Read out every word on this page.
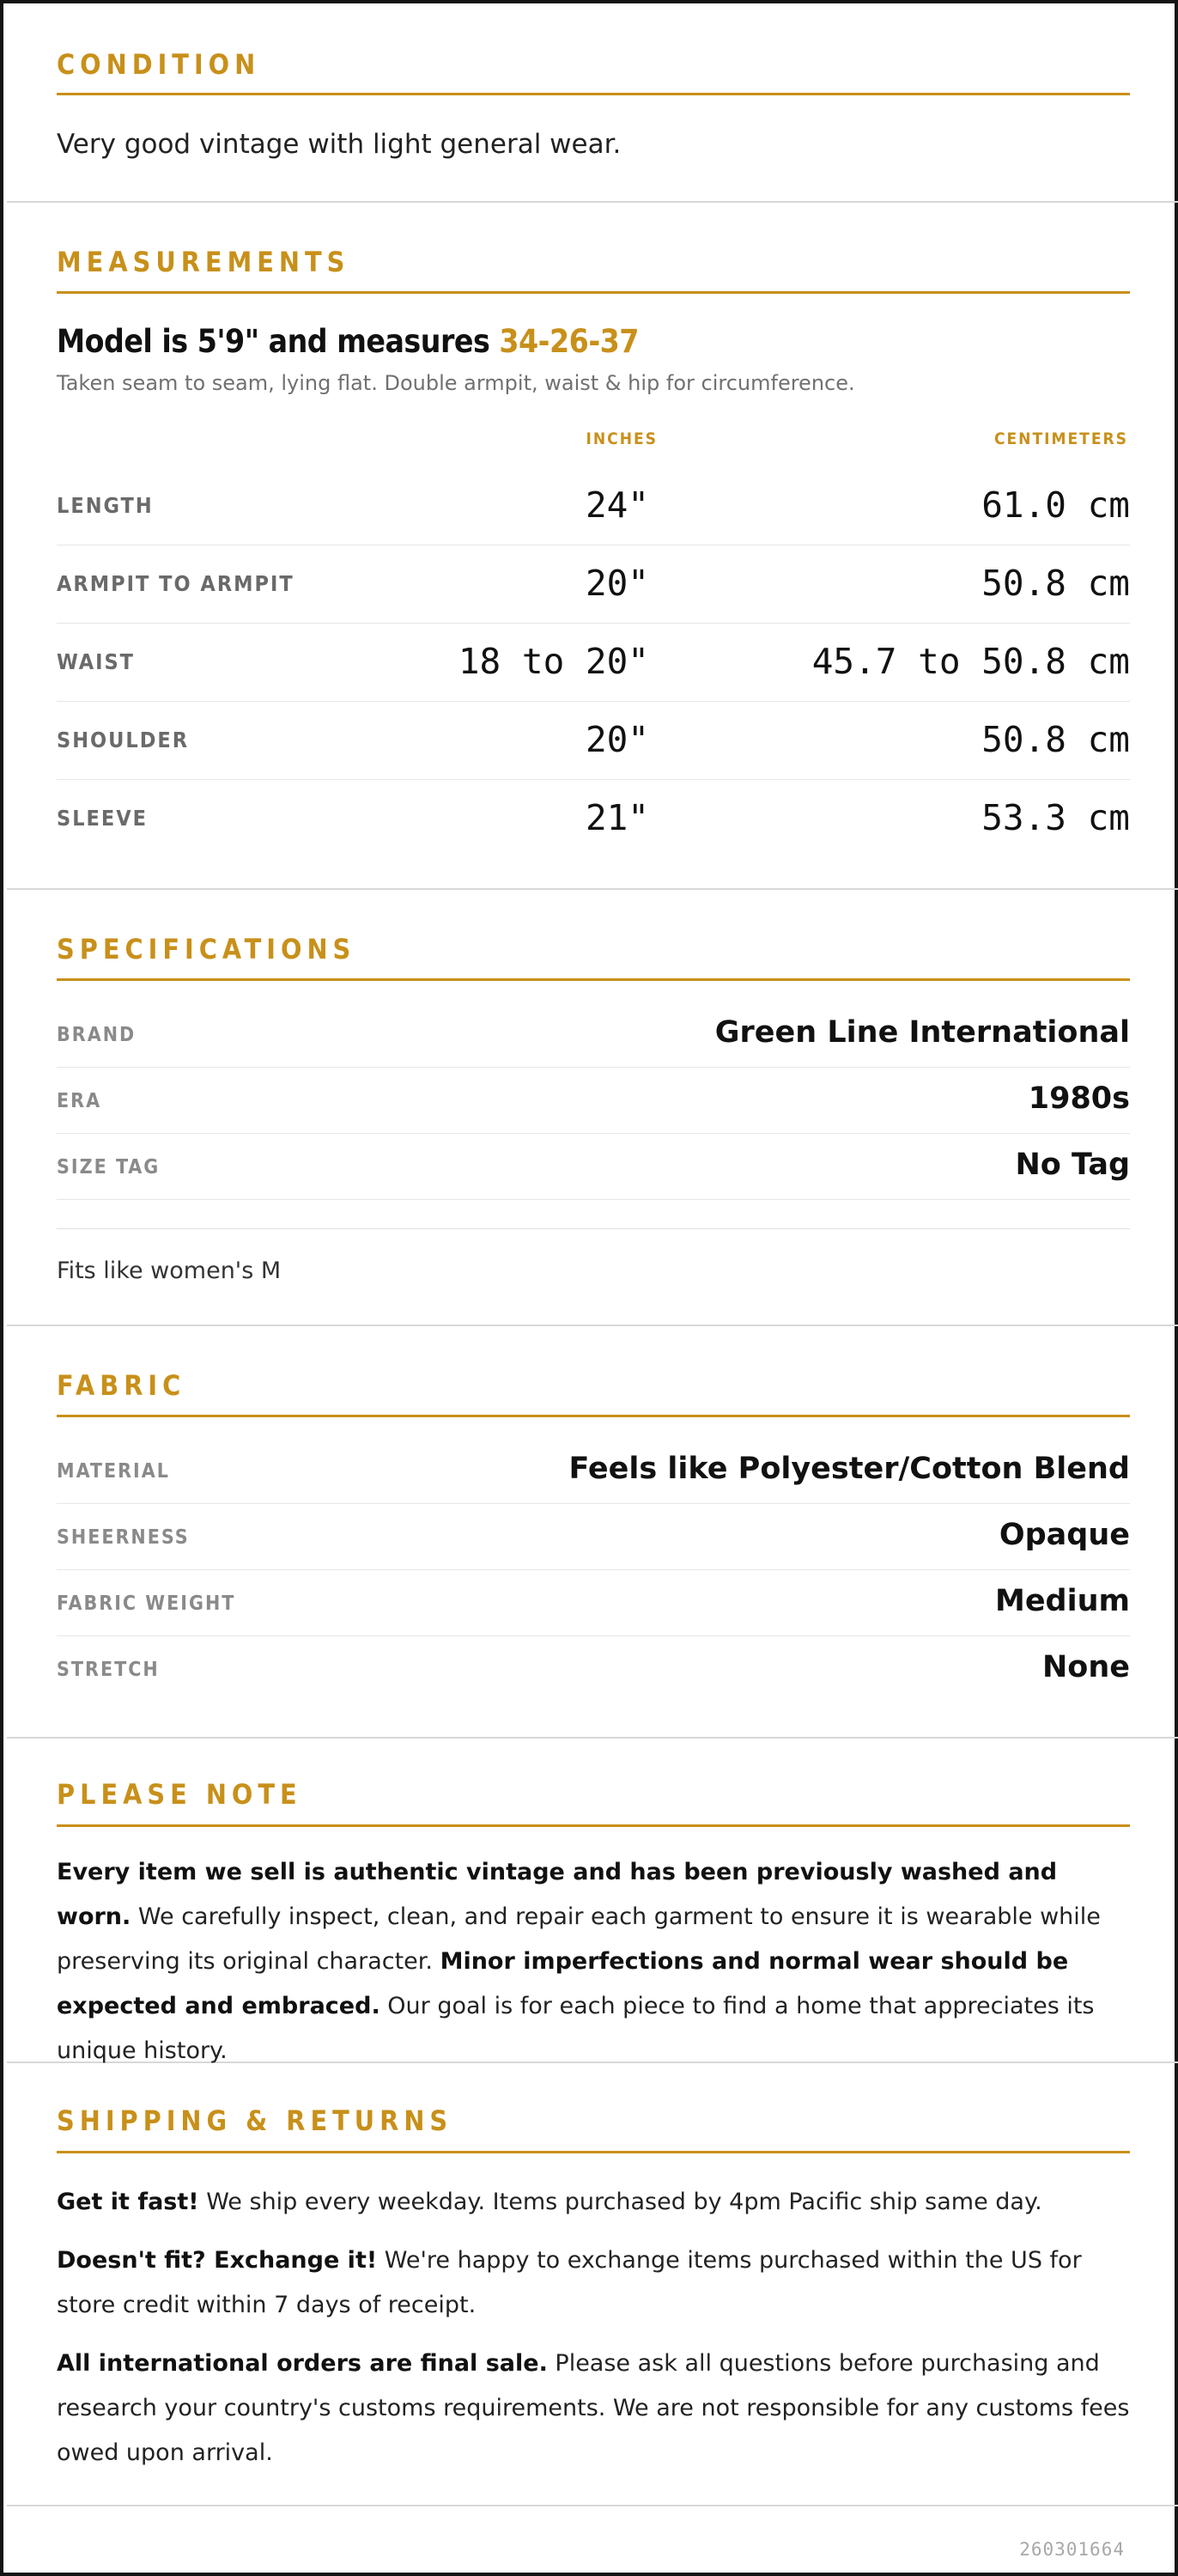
CONDITION
Very good vintage with light general wear.
MEASUREMENTS
Model is 5'9" and measures 34-26-37
Taken seam to seam, lying flat. Double armpit, waist & hip for circumference.
INCHES	CENTIMETERS
LENGTH	24"	61.0 cm
ARMPIT TO ARMPIT	20"	50.8 cm
WAIST	18 to 20"	45.7 to 50.8 cm
SHOULDER	20"	50.8 cm
SLEEVE	21"	53.3 cm
SPECIFICATIONS
BRAND	Green Line International
ERA	1980s
SIZE TAG	No Tag
Fits like women's M
FABRIC
MATERIAL	Feels like Polyester/Cotton Blend
SHEERNESS	Opaque
FABRIC WEIGHT	Medium
STRETCH	None
PLEASE NOTE
Every item we sell is authentic vintage and has been previously washed and worn. We carefully inspect, clean, and repair each garment to ensure it is wearable while preserving its original character. Minor imperfections and normal wear should be expected and embraced. Our goal is for each piece to find a home that appreciates its unique history.
SHIPPING & RETURNS
Get it fast! We ship every weekday. Items purchased by 4pm Pacific ship same day.
Doesn't fit? Exchange it! We're happy to exchange items purchased within the US for store credit within 7 days of receipt.
All international orders are final sale. Please ask all questions before purchasing and research your country's customs requirements. We are not responsible for any customs fees owed upon arrival.
260301664
